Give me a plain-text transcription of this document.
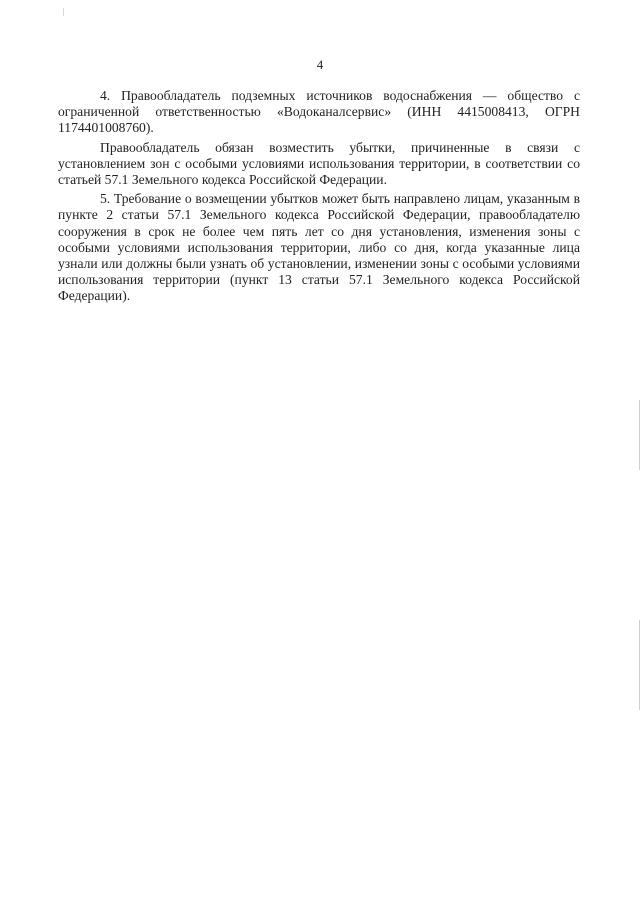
4

4. Правообладатель подземных источников водоснабжения — общество с ограниченной ответственностью «Водоканалсервис» (ИНН 4415008413, ОГРН 1174401008760).

Правообладатель обязан возместить убытки, причиненные в связи с установлением зон с особыми условиями использования территории, в соответствии со статьей 57.1 Земельного кодекса Российской Федерации.

5. Требование о возмещении убытков может быть направлено лицам, указанным в пункте 2 статьи 57.1 Земельного кодекса Российской Федерации, правообладателю сооружения в срок не более чем пять лет со дня установления, изменения зоны с особыми условиями использования территории, либо со дня, когда указанные лица узнали или должны были узнать об установлении, изменении зоны с особыми условиями использования территории (пункт 13 статьи 57.1 Земельного кодекса Российской Федерации).
